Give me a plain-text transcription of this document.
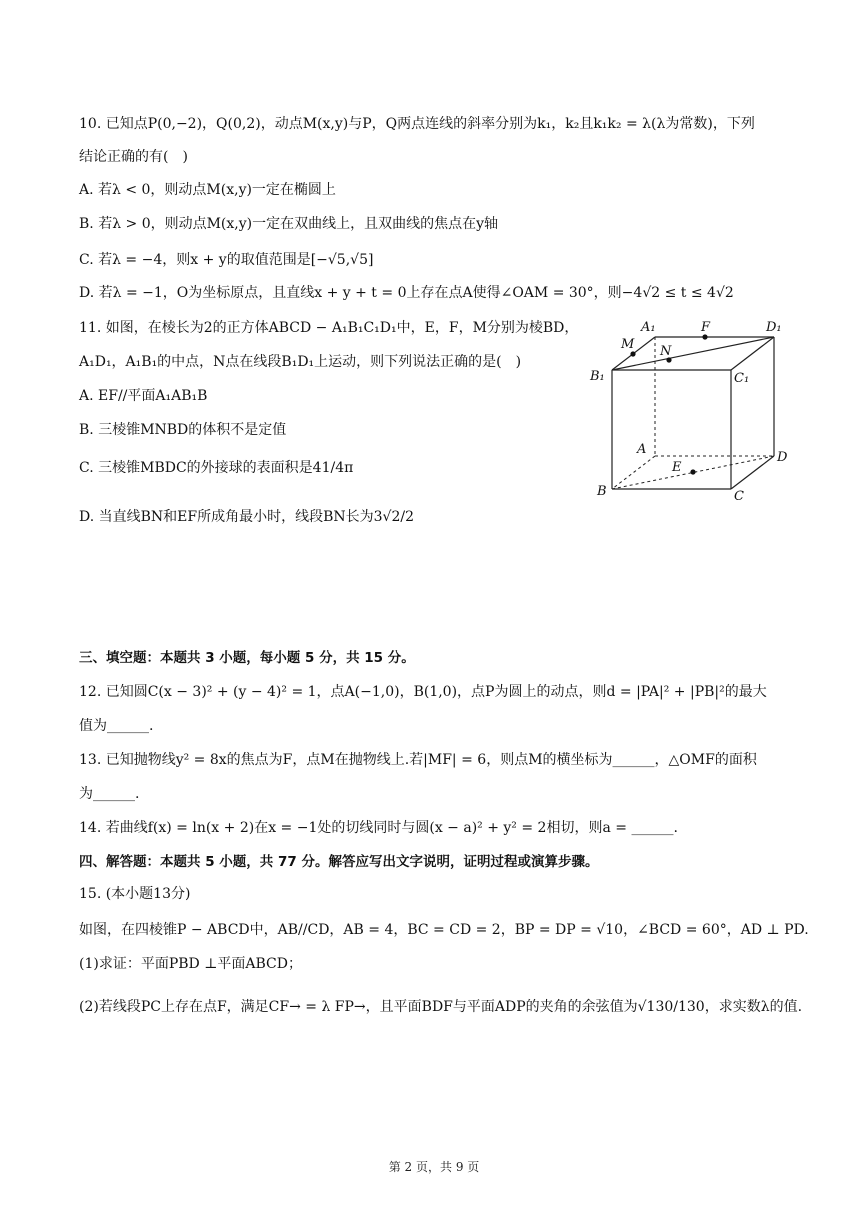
10. 已知点P(0,−2)，Q(0,2)，动点M(x,y)与P，Q两点连线的斜率分别为k₁，k₂且k₁k₂ = λ(λ为常数)，下列
结论正确的有(　)
A. 若λ < 0，则动点M(x,y)一定在椭圆上
B. 若λ > 0，则动点M(x,y)一定在双曲线上，且双曲线的焦点在y轴
C. 若λ = −4，则x + y的取值范围是[−√5,√5]
D. 若λ = −1，O为坐标原点，且直线x + y + t = 0上存在点A使得∠OAM = 30°，则−4√2 ≤ t ≤ 4√2
11. 如图，在棱长为2的正方体ABCD − A₁B₁C₁D₁中，E，F，M分别为棱BD，
A₁D₁，A₁B₁的中点，N点在线段B₁D₁上运动，则下列说法正确的是(　)
A. EF//平面A₁AB₁B
B. 三棱锥MNBD的体积不是定值
C. 三棱锥MBDC的外接球的表面积是41/4π
D. 当直线BN和EF所成角最小时，线段BN长为3√2/2
A₁	F	D₁
M N
B₁	C₁
A
E
D
B	C
三、填空题：本题共 3 小题，每小题 5 分，共 15 分。
12. 已知圆C(x − 3)² + (y − 4)² = 1，点A(−1,0)，B(1,0)，点P为圆上的动点，则d = |PA|² + |PB|²的最大
值为______.
13. 已知抛物线y² = 8x的焦点为F，点M在抛物线上.若|MF| = 6，则点M的横坐标为______，△OMF的面积
为______.
14. 若曲线f(x) = ln(x + 2)在x = −1处的切线同时与圆(x − a)² + y² = 2相切，则a = ______.
四、解答题：本题共 5 小题，共 77 分。解答应写出文字说明，证明过程或演算步骤。
15. (本小题13分)
如图，在四棱锥P − ABCD中，AB//CD，AB = 4，BC = CD = 2，BP = DP = √10，∠BCD = 60°，AD ⊥ PD.
(1)求证：平面PBD ⊥平面ABCD；
(2)若线段PC上存在点F，满足CF→ = λ FP→，且平面BDF与平面ADP的夹角的余弦值为√130/130，求实数λ的值.
第 2 页，共 9 页
